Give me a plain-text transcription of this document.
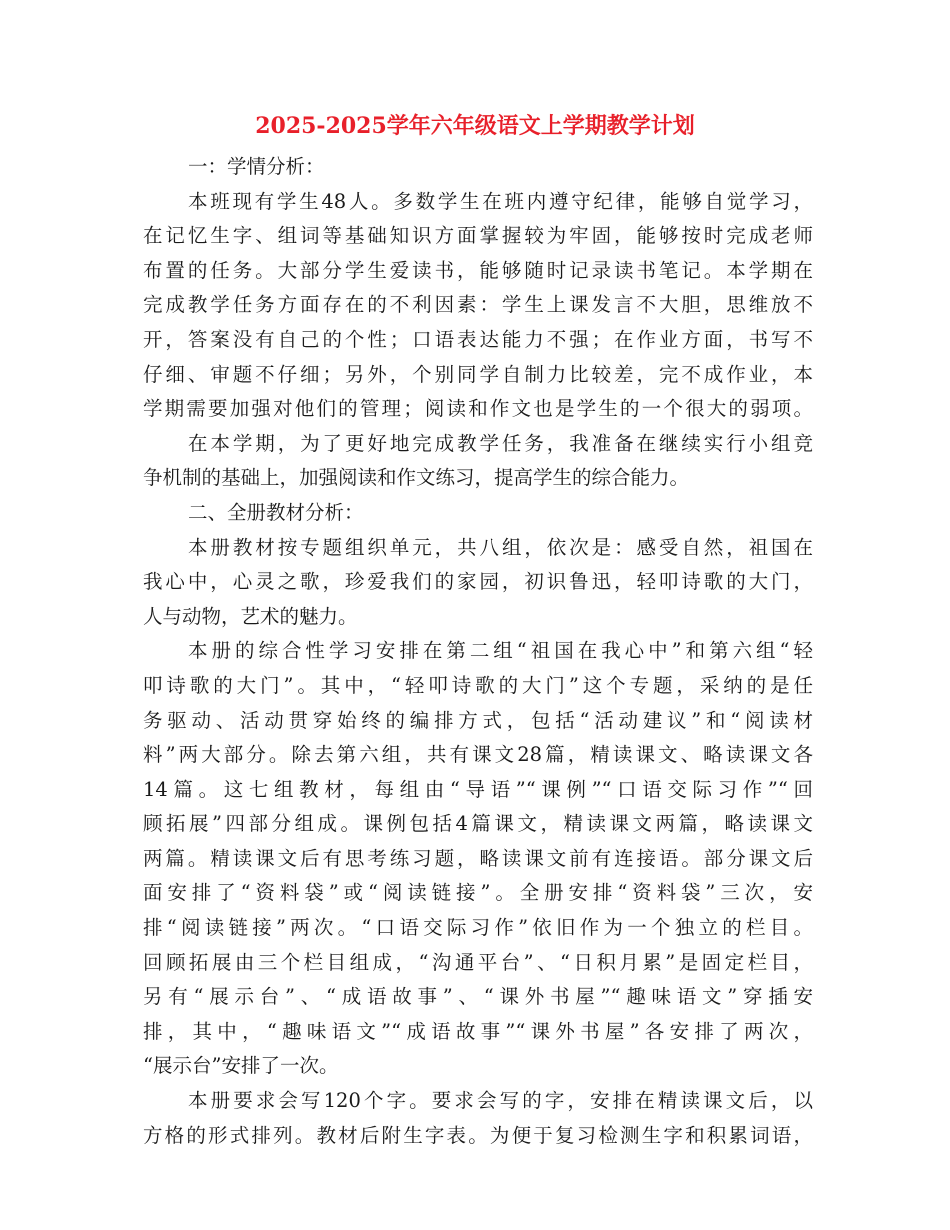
2025-2025学年六年级语文上学期教学计划
一：学情分析：
本班现有学生48人。多数学生在班内遵守纪律，能够自觉学习，
在记忆生字、组词等基础知识方面掌握较为牢固，能够按时完成老师
布置的任务。大部分学生爱读书，能够随时记录读书笔记。本学期在
完成教学任务方面存在的不利因素：学生上课发言不大胆，思维放不
开，答案没有自己的个性；口语表达能力不强；在作业方面，书写不
仔细、审题不仔细；另外，个别同学自制力比较差，完不成作业，本
学期需要加强对他们的管理；阅读和作文也是学生的一个很大的弱项。
在本学期，为了更好地完成教学任务，我准备在继续实行小组竞
争机制的基础上，加强阅读和作文练习，提高学生的综合能力。
二、全册教材分析：
本册教材按专题组织单元，共八组，依次是：感受自然，祖国在
我心中，心灵之歌，珍爱我们的家园，初识鲁迅，轻叩诗歌的大门，
人与动物，艺术的魅力。
本册的综合性学习安排在第二组“祖国在我心中”和第六组“轻
叩诗歌的大门”。其中，“轻叩诗歌的大门”这个专题，采纳的是任
务驱动、活动贯穿始终的编排方式，包括“活动建议”和“阅读材
料”两大部分。除去第六组，共有课文28篇，精读课文、略读课文各
14篇。这七组教材，每组由“导语”“课例”“口语交际习作”“回
顾拓展”四部分组成。课例包括4篇课文，精读课文两篇，略读课文
两篇。精读课文后有思考练习题，略读课文前有连接语。部分课文后
面安排了“资料袋”或“阅读链接”。全册安排“资料袋”三次，安
排“阅读链接”两次。“口语交际习作”依旧作为一个独立的栏目。
回顾拓展由三个栏目组成，“沟通平台”、“日积月累”是固定栏目，
另有“展示台”、“成语故事”、“课外书屋”“趣味语文”穿插安
排，其中，“趣味语文”“成语故事”“课外书屋”各安排了两次，
“展示台”安排了一次。
本册要求会写120个字。要求会写的字，安排在精读课文后，以
方格的形式排列。教材后附生字表。为便于复习检测生字和积累词语，
